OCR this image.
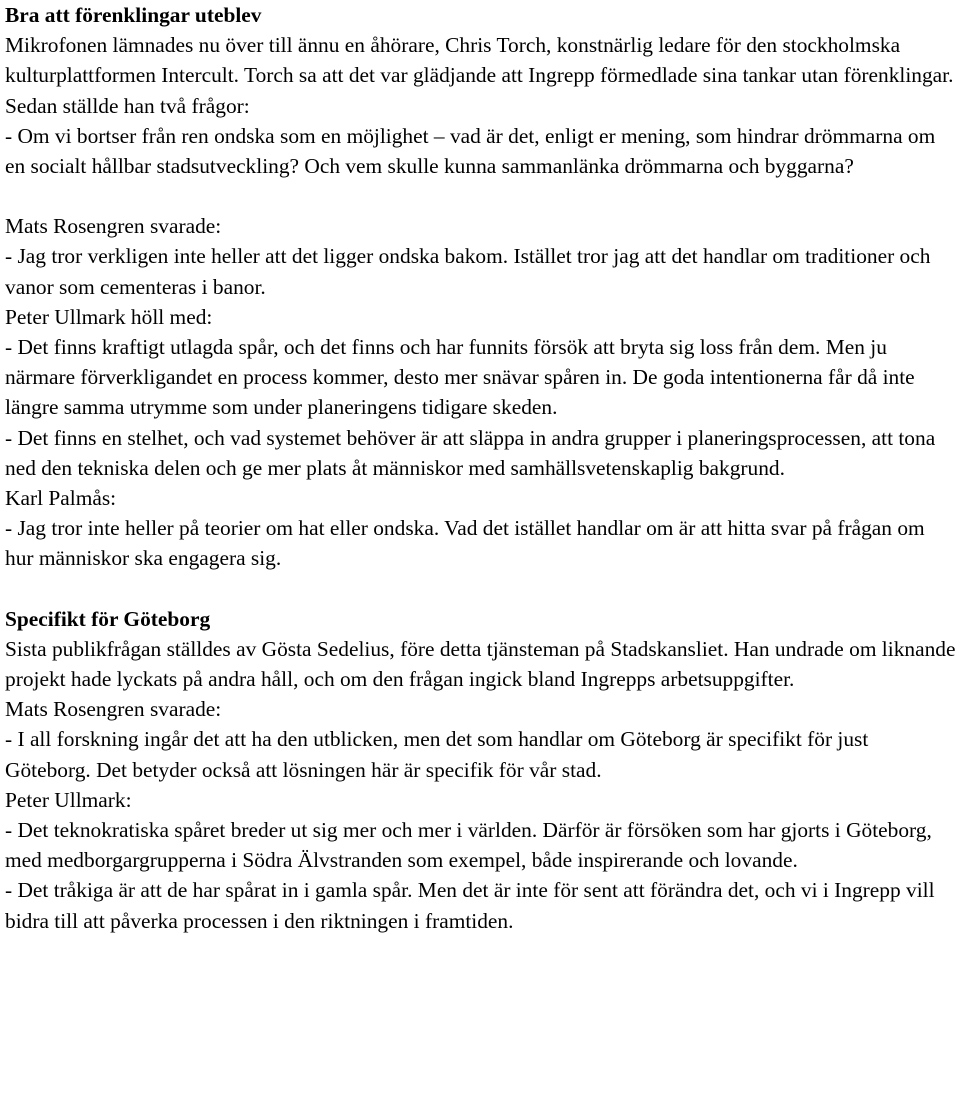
Bra att förenklingar uteblev

Mikrofonen lämnades nu över till ännu en åhörare, Chris Torch, konstnärlig ledare för den stockholmska kulturplattformen Intercult. Torch sa att det var glädjande att Ingrepp förmedlade sina tankar utan förenklingar. Sedan ställde han två frågor:

- Om vi bortser från ren ondska som en möjlighet – vad är det, enligt er mening, som hindrar drömmarna om en socialt hållbar stadsutveckling? Och vem skulle kunna sammanlänka drömmarna och byggarna?

Mats Rosengren svarade:

- Jag tror verkligen inte heller att det ligger ondska bakom. Istället tror jag att det handlar om traditioner och vanor som cementeras i banor.

Peter Ullmark höll med:

- Det finns kraftigt utlagda spår, och det finns och har funnits försök att bryta sig loss från dem. Men ju närmare förverkligandet en process kommer, desto mer snävar spåren in. De goda intentionerna får då inte längre samma utrymme som under planeringens tidigare skeden.

- Det finns en stelhet, och vad systemet behöver är att släppa in andra grupper i planeringsprocessen, att tona ned den tekniska delen och ge mer plats åt människor med samhällsvetenskaplig bakgrund.

Karl Palmås:

- Jag tror inte heller på teorier om hat eller ondska. Vad det istället handlar om är att hitta svar på frågan om hur människor ska engagera sig.

Specifikt för Göteborg

Sista publikfrågan ställdes av Gösta Sedelius, före detta tjänsteman på Stadskansliet. Han undrade om liknande projekt hade lyckats på andra håll, och om den frågan ingick bland Ingrepps arbetsuppgifter.

Mats Rosengren svarade:

- I all forskning ingår det att ha den utblicken, men det som handlar om Göteborg är specifikt för just Göteborg. Det betyder också att lösningen här är specifik för vår stad.

Peter Ullmark:

- Det teknokratiska spåret breder ut sig mer och mer i världen. Därför är försöken som har gjorts i Göteborg, med medborgargrupperna i Södra Älvstranden som exempel, både inspirerande och lovande.

- Det tråkiga är att de har spårat in i gamla spår. Men det är inte för sent att förändra det, och vi i Ingrepp vill bidra till att påverka processen i den riktningen i framtiden.
